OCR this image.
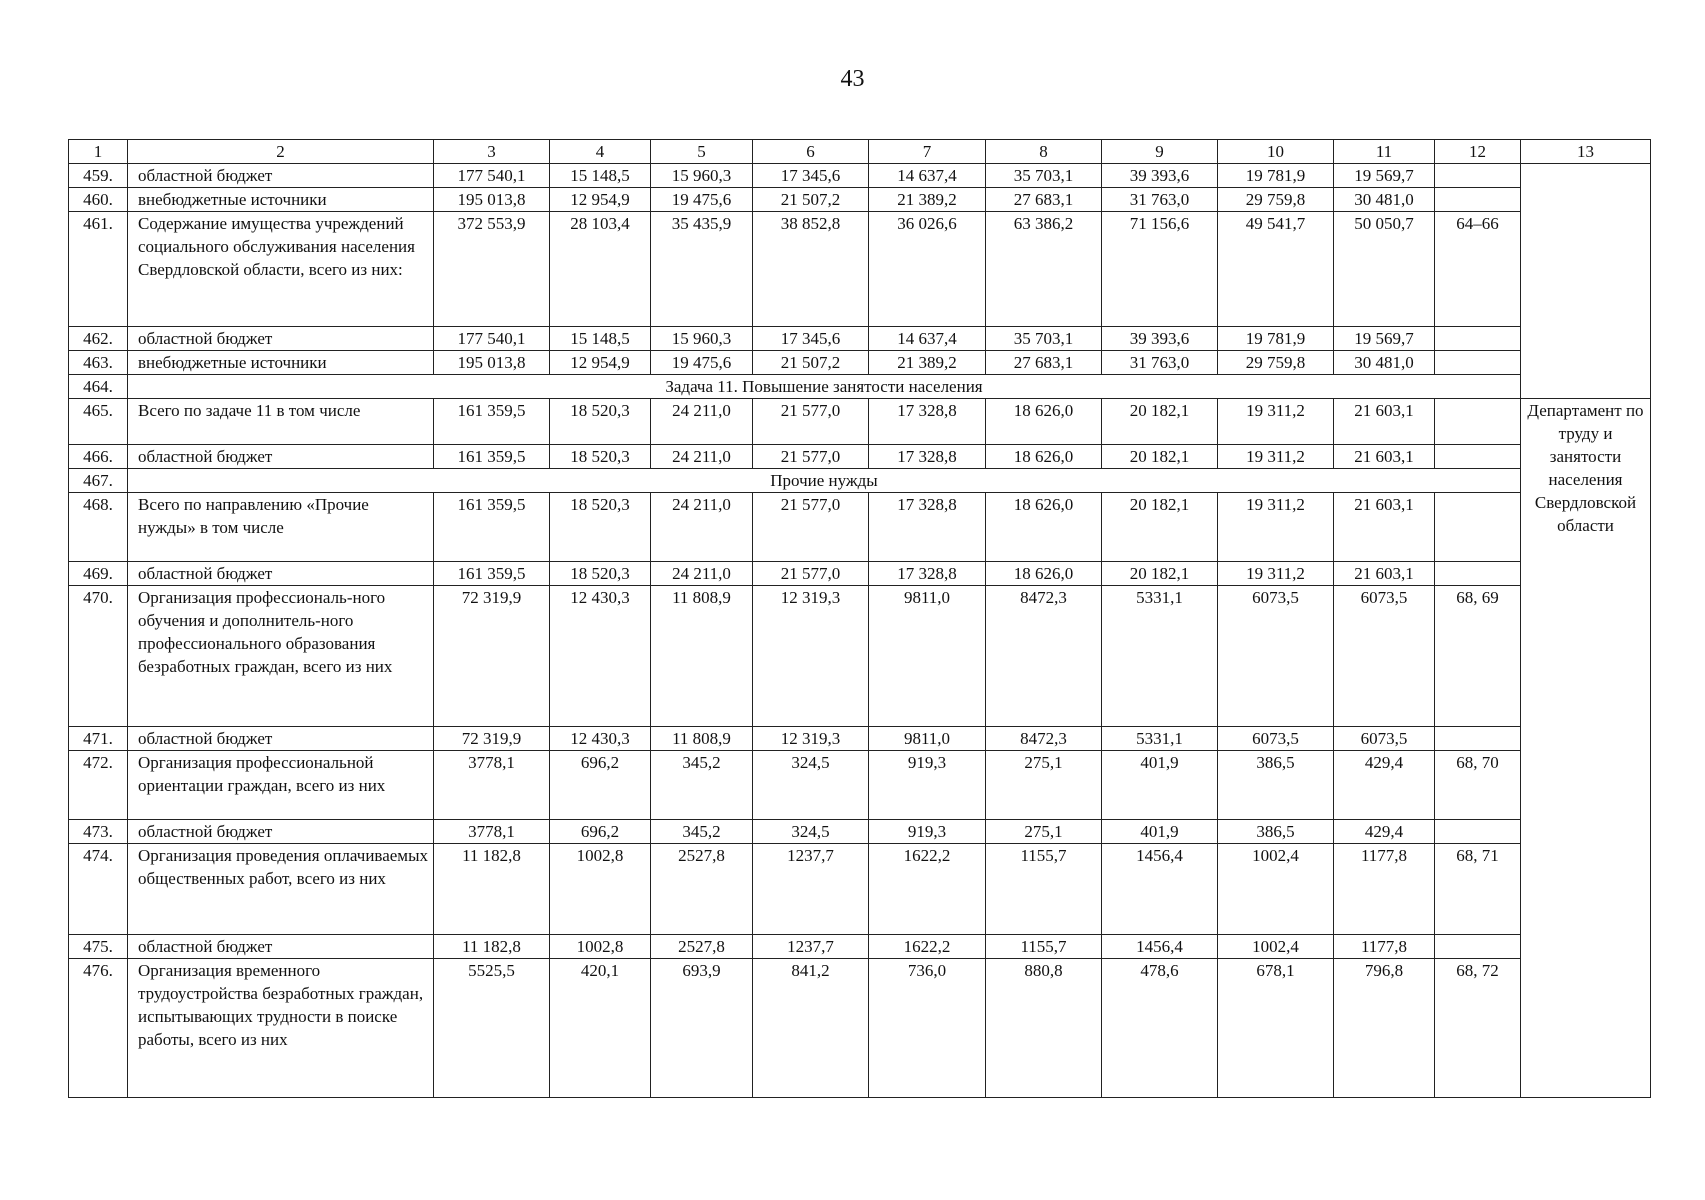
43
1	2	3	4	5	6	7	8	9	10	11	12	13
459.	областной бюджет	177 540,1	15 148,5	15 960,3	17 345,6	14 637,4	35 703,1	39 393,6	19 781,9	19 569,7		
460.	внебюджетные источники	195 013,8	12 954,9	19 475,6	21 507,2	21 389,2	27 683,1	31 763,0	29 759,8	30 481,0		
461.	Содержание имущества учреждений социального обслуживания населения Свердловской области, всего из них:	372 553,9	28 103,4	35 435,9	38 852,8	36 026,6	63 386,2	71 156,6	49 541,7	50 050,7	64–66	
462.	областной бюджет	177 540,1	15 148,5	15 960,3	17 345,6	14 637,4	35 703,1	39 393,6	19 781,9	19 569,7		
463.	внебюджетные источники	195 013,8	12 954,9	19 475,6	21 507,2	21 389,2	27 683,1	31 763,0	29 759,8	30 481,0		
464.	Задача 11. Повышение занятости населения											
465.	Всего по задаче 11 в том числе	161 359,5	18 520,3	24 211,0	21 577,0	17 328,8	18 626,0	20 182,1	19 311,2	21 603,1		Департамент по труду и занятости населения Свердловской области
466.	областной бюджет	161 359,5	18 520,3	24 211,0	21 577,0	17 328,8	18 626,0	20 182,1	19 311,2	21 603,1		
467.	Прочие нужды											
468.	Всего по направлению «Прочие нужды» в том числе	161 359,5	18 520,3	24 211,0	21 577,0	17 328,8	18 626,0	20 182,1	19 311,2	21 603,1		
469.	областной бюджет	161 359,5	18 520,3	24 211,0	21 577,0	17 328,8	18 626,0	20 182,1	19 311,2	21 603,1		
470.	Организация профессиональ-ного обучения и дополнитель-ного профессионального образования безработных граждан, всего из них	72 319,9	12 430,3	11 808,9	12 319,3	9811,0	8472,3	5331,1	6073,5	6073,5	68, 69	
471.	областной бюджет	72 319,9	12 430,3	11 808,9	12 319,3	9811,0	8472,3	5331,1	6073,5	6073,5		
472.	Организация профессиональной ориентации граждан, всего из них	3778,1	696,2	345,2	324,5	919,3	275,1	401,9	386,5	429,4	68, 70	
473.	областной бюджет	3778,1	696,2	345,2	324,5	919,3	275,1	401,9	386,5	429,4		
474.	Организация проведения оплачиваемых общественных работ, всего из них	11 182,8	1002,8	2527,8	1237,7	1622,2	1155,7	1456,4	1002,4	1177,8	68, 71	
475.	областной бюджет	11 182,8	1002,8	2527,8	1237,7	1622,2	1155,7	1456,4	1002,4	1177,8		
476.	Организация временного трудоустройства безработных граждан, испытывающих трудности в поиске работы, всего из них	5525,5	420,1	693,9	841,2	736,0	880,8	478,6	678,1	796,8	68, 72	
